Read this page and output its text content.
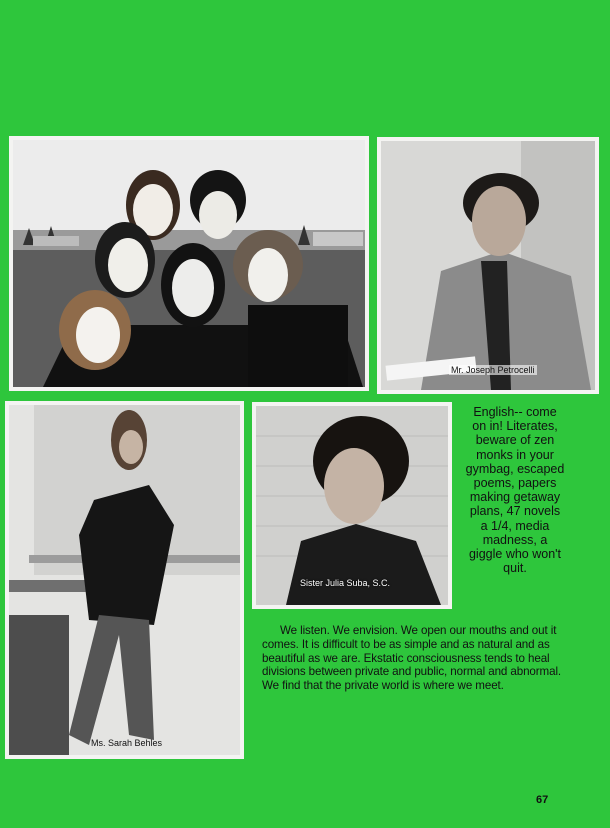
Mr. Joseph Petrocelli
Ms. Sarah Behles
Sister Julia Suba, S.C.
English-- come on in! Literates, beware of zen monks in your gymbag, escaped poems, papers making getaway plans, 47 novels a 1/4, media madness, a giggle who won't quit.
We listen. We envision. We open our mouths and out it comes. It is difficult to be as simple and as natural and as beautiful as we are. Ekstatic consciousness tends to heal divisions between private and public, normal and abnormal. We find that the private world is where we meet.
67
